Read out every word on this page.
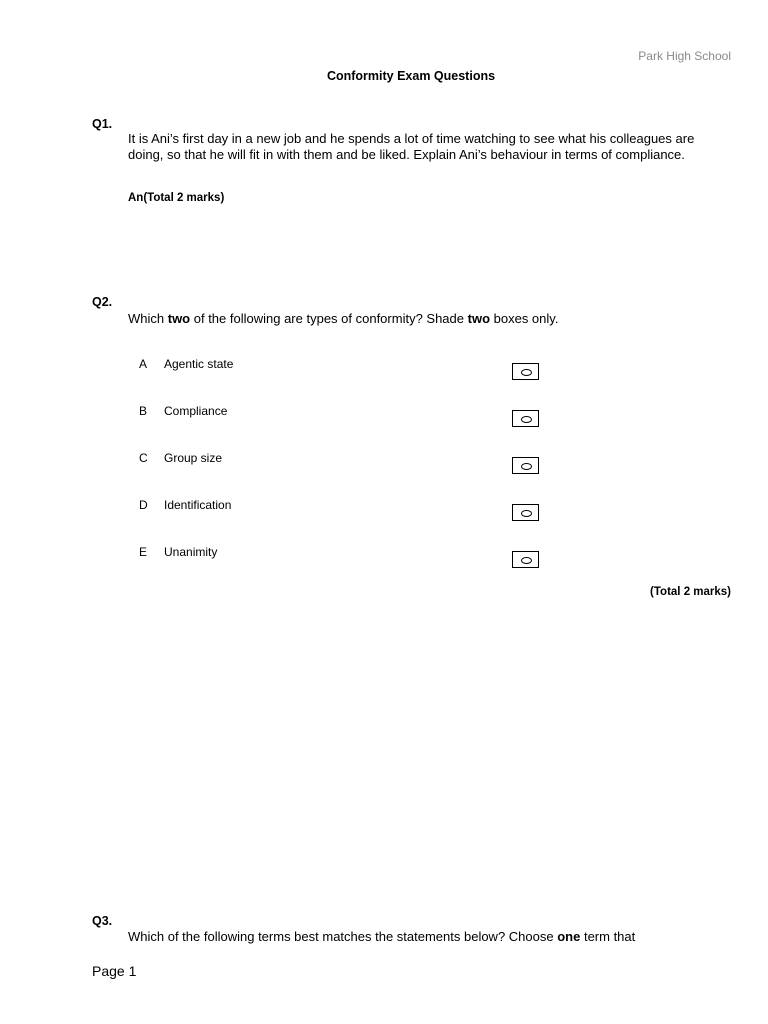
Park High School
Conformity Exam Questions
Q1.
It is Ani’s first day in a new job and he spends a lot of time watching to see what his colleagues are doing, so that he will fit in with them and be liked. Explain Ani’s behaviour in terms of compliance.
An(Total 2 marks)
Q2.
Which two of the following are types of conformity? Shade two boxes only.
A Agentic state
B Compliance
C Group size
D Identification
E Unanimity
(Total 2 marks)
Q3.
Which of the following terms best matches the statements below? Choose one term that
Page 1
